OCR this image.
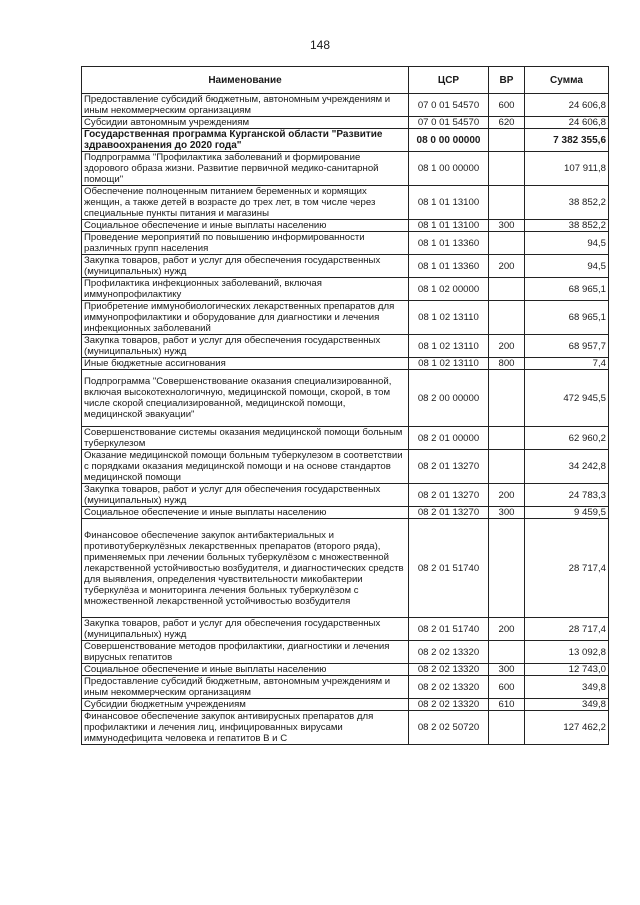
148
Наименование	ЦСР	ВР	Сумма
Предоставление субсидий бюджетным, автономным учреждениям и иным некоммерческим организациям	07 0 01 54570	600	24 606,8
Субсидии автономным учреждениям	07 0 01 54570	620	24 606,8
Государственная программа Курганской области "Развитие здравоохранения до 2020 года"	08 0 00 00000		7 382 355,6
Подпрограмма "Профилактика заболеваний и формирование здорового образа жизни. Развитие первичной медико-санитарной помощи"	08 1 00 00000		107 911,8
Обеспечение полноценным питанием беременных и кормящих женщин, а также детей в возрасте до трех лет, в том числе через специальные пункты питания и магазины	08 1 01 13100		38 852,2
Социальное обеспечение и иные выплаты населению	08 1 01 13100	300	38 852,2
Проведение мероприятий по повышению информированности различных групп населения	08 1 01 13360		94,5
Закупка товаров, работ и услуг для обеспечения государственных (муниципальных) нужд	08 1 01 13360	200	94,5
Профилактика инфекционных заболеваний, включая иммунопрофилактику	08 1 02 00000		68 965,1
Приобретение иммунобиологических лекарственных препаратов для иммунопрофилактики и оборудование для диагностики и лечения инфекционных заболеваний	08 1 02 13110		68 965,1
Закупка товаров, работ и услуг для обеспечения государственных (муниципальных) нужд	08 1 02 13110	200	68 957,7
Иные бюджетные ассигнования	08 1 02 13110	800	7,4
Подпрограмма "Совершенствование оказания специализированной, включая высокотехнологичную, медицинской помощи, скорой, в том числе скорой специализированной, медицинской помощи, медицинской эвакуации"	08 2 00 00000		472 945,5
Совершенствование системы оказания медицинской помощи больным туберкулезом	08 2 01 00000		62 960,2
Оказание медицинской помощи больным туберкулезом в соответствии с порядками оказания медицинской помощи и на основе стандартов медицинской помощи	08 2 01 13270		34 242,8
Закупка товаров, работ и услуг для обеспечения государственных (муниципальных) нужд	08 2 01 13270	200	24 783,3
Социальное обеспечение и иные выплаты населению	08 2 01 13270	300	9 459,5
Финансовое обеспечение закупок антибактериальных и противотуберкулёзных лекарственных препаратов (второго ряда), применяемых при лечении больных туберкулёзом с множественной лекарственной устойчивостью возбудителя, и диагностических средств для выявления, определения чувствительности микобактерии туберкулёза и мониторинга лечения больных туберкулёзом с множественной лекарственной устойчивостью возбудителя	08 2 01 51740		28 717,4
Закупка товаров, работ и услуг для обеспечения государственных (муниципальных) нужд	08 2 01 51740	200	28 717,4
Совершенствование методов профилактики, диагностики и лечения вирусных гепатитов	08 2 02 13320		13 092,8
Социальное обеспечение и иные выплаты населению	08 2 02 13320	300	12 743,0
Предоставление субсидий бюджетным, автономным учреждениям и иным некоммерческим организациям	08 2 02 13320	600	349,8
Субсидии бюджетным учреждениям	08 2 02 13320	610	349,8
Финансовое обеспечение закупок антивирусных препаратов для профилактики и лечения лиц, инфицированных вирусами иммунодефицита человека и гепатитов В и С	08 2 02 50720		127 462,2
